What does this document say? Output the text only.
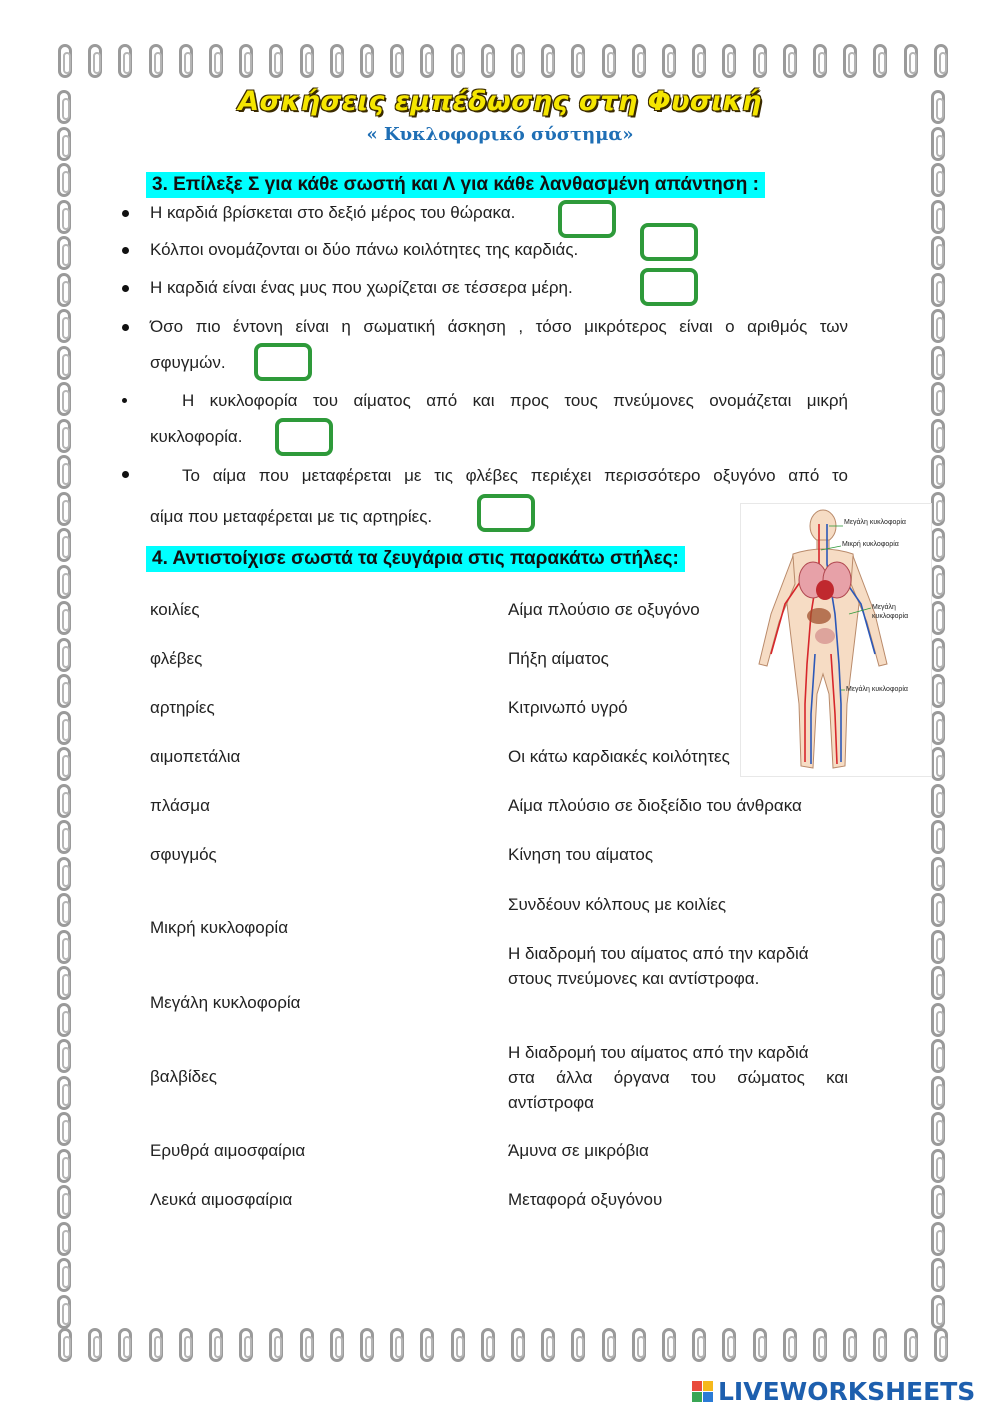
Ασκήσεις εμπέδωσης στη Φυσική
« Κυκλοφορικό σύστημα»
3. Επίλεξε Σ για κάθε σωστή και Λ για κάθε λανθασμένη απάντηση :
Η καρδιά βρίσκεται στο δεξιό μέρος του θώρακα.
Κόλποι ονομάζονται οι δύο πάνω κοιλότητες της καρδιάς.
Η καρδιά είναι ένας μυς που χωρίζεται σε τέσσερα μέρη.
Όσο πιο έντονη είναι η σωματική άσκηση , τόσο μικρότερος είναι ο αριθμός των
σφυγμών.
Η κυκλοφορία του αίματος από και προς τους πνεύμονες ονομάζεται μικρή
κυκλοφορία.
Το αίμα που μεταφέρεται με τις φλέβες περιέχει περισσότερο οξυγόνο από το
αίμα που μεταφέρεται με τις αρτηρίες.
4. Αντιστοίχισε σωστά τα ζευγάρια στις παρακάτω στήλες:
κοιλίες
φλέβες
αρτηρίες
αιμοπετάλια
πλάσμα
σφυγμός
Μικρή κυκλοφορία
Μεγάλη κυκλοφορία
βαλβίδες
Ερυθρά αιμοσφαίρια
Λευκά αιμοσφαίρια
Αίμα πλούσιο σε οξυγόνο
Πήξη αίματος
Κιτρινωπό υγρό
Οι κάτω καρδιακές κοιλότητες
Αίμα πλούσιο σε διοξείδιο του άνθρακα
Κίνηση του αίματος
Συνδέουν κόλπους με κοιλίες
Η διαδρομή του αίματος από την καρδιά
στους πνεύμονες και αντίστροφα.
Η διαδρομή του αίματος από την καρδιά
στα άλλα όργανα του σώματος και
αντίστροφα
Άμυνα σε μικρόβια
Μεταφορά οξυγόνου
Μεγάλη κυκλοφορία
Μικρή κυκλοφορία
Μεγάλη κυκλοφορία
Μεγάλη κυκλοφορία
LIVEWORKSHEETS
